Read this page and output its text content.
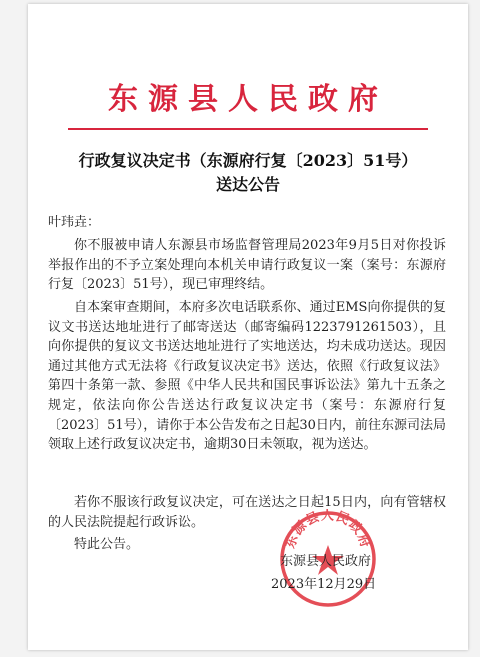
东源县人民政府
行政复议决定书（东源府行复〔2023〕51号）
送达公告
叶玮垚：
你不服被申请人东源县市场监督管理局2023年9月5日对你投诉举报作出的不予立案处理向本机关申请行政复议一案（案号：东源府行复〔2023〕51号），现已审理终结。
自本案审查期间，本府多次电话联系你、通过EMS向你提供的复议文书送达地址进行了邮寄送达（邮寄编码1223791261503），且向你提供的复议文书送达地址进行了实地送达，均未成功送达。现因通过其他方式无法将《行政复议决定书》送达，依照《行政复议法》第四十条第一款、参照《中华人民共和国民事诉讼法》第九十五条之规定，依法向你公告送达行政复议决定书（案号：东源府行复〔2023〕51号），请你于本公告发布之日起30日内，前往东源司法局领取上述行政复议决定书，逾期30日未领取，视为送达。
若你不服该行政复议决定，可在送达之日起15日内，向有管辖权的人民法院提起行政诉讼。
特此公告。	东源县人民政府
东源县人民政府
2023年12月29日
